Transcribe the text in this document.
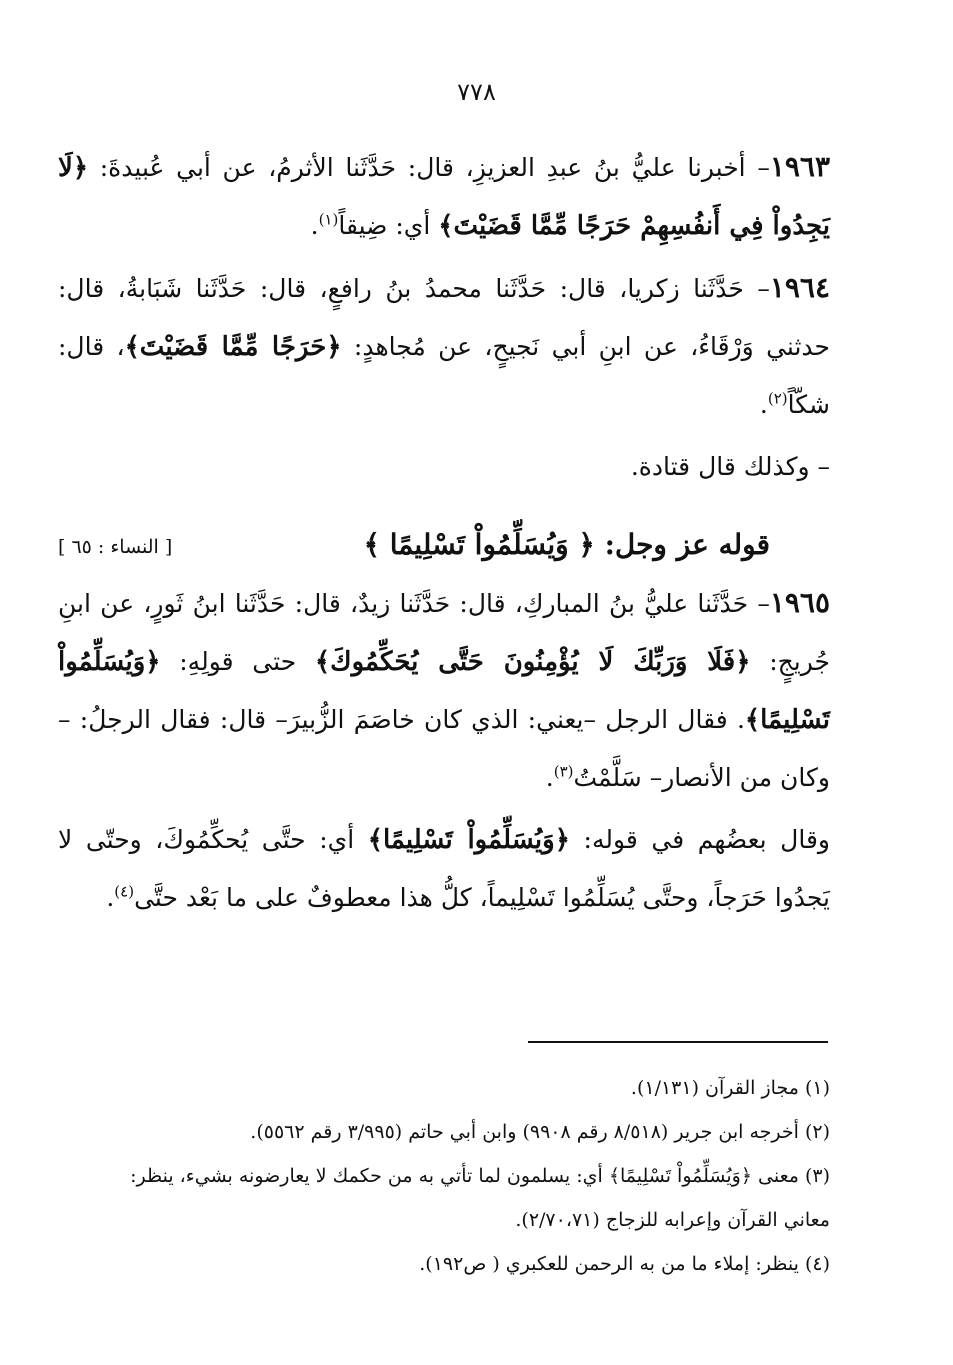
٧٧٨

١٩٦٣– أخبرنا عليُّ بنُ عبدِ العزيزِ، قال: حَدَّثَنا الأثرمُ، عن أبي عُبيدةَ: ﴿لَا يَجِدُواْ فِي أَنفُسِهِمْ حَرَجًا مِّمَّا قَضَيْتَ﴾ أي: ضِيقاً$^{(١)}$.

١٩٦٤– حَدَّثَنا زكريا، قال: حَدَّثَنا محمدُ بنُ رافعٍ، قال: حَدَّثَنا شَبَابةُ، قال: حدثني وَرْقَاءُ، عن ابنِ أبي نَجيحٍ، عن مُجاهدٍ: ﴿حَرَجًا مِّمَّا قَضَيْتَ﴾، قال: شكّاً$^{(٢)}$.

– وكذلك قال قتادة.

قوله عز وجل: ﴿ وَيُسَلِّمُواْ تَسْلِيمًا ﴾
[ النساء : ٦٥ ]

١٩٦٥– حَدَّثَنا عليُّ بنُ المباركِ، قال: حَدَّثَنا زيدٌ، قال: حَدَّثَنا ابنُ ثَورٍ، عن ابنِ جُريجٍ: ﴿فَلَا وَرَبِّكَ لَا يُؤْمِنُونَ حَتَّى يُحَكِّمُوكَ﴾ حتى قولِهِ: ﴿وَيُسَلِّمُواْ تَسْلِيمًا﴾. فقال الرجل –يعني: الذي كان خاصَمَ الزُّبيرَ– قال: فقال الرجلُ: –وكان من الأنصار– سَلَّمْتُ$^{(٣)}$.

وقال بعضُهم في قوله: ﴿وَيُسَلِّمُواْ تَسْلِيمًا﴾ أي: حتَّى يُحكِّمُوكَ، وحتّى لا يَجدُوا حَرَجاً، وحتَّى يُسَلِّمُوا تَسْلِيماً، كلُّ هذا معطوفٌ على ما بَعْد حتَّى$^{(٤)}$.

(١) مجاز القرآن (١/١٣١).

(٢) أخرجه ابن جرير (٨/٥١٨ رقم ٩٩٠٨) وابن أبي حاتم (٣/٩٩٥ رقم ٥٥٦٢).

(٣) معنى ﴿وَيُسَلِّمُواْ تَسْلِيمًا﴾ أي: يسلمون لما تأتي به من حكمك لا يعارضونه بشيء، ينظر:

معاني القرآن وإعرابه للزجاج (٢/٧٠،٧١).

(٤) ينظر: إملاء ما من به الرحمن للعكبري ( ص١٩٢).
